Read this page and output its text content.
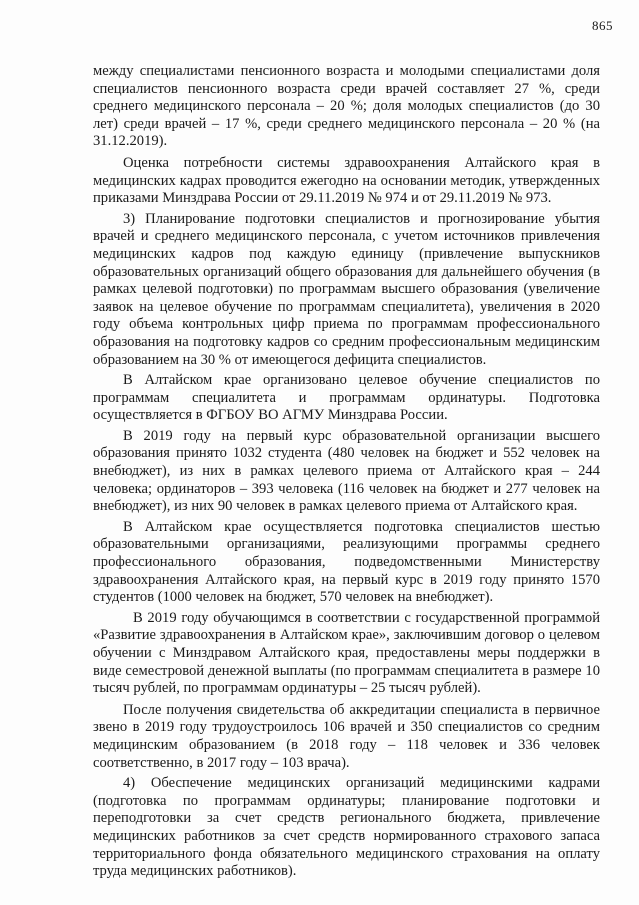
865

между специалистами пенсионного возраста и молодыми специалистами доля специалистов пенсионного возраста среди врачей составляет 27 %, среди среднего медицинского персонала – 20 %; доля молодых специалистов (до 30 лет) среди врачей – 17 %, среди среднего медицинского персонала – 20 % (на 31.12.2019).

Оценка потребности системы здравоохранения Алтайского края в медицинских кадрах проводится ежегодно на основании методик, утвержденных приказами Минздрава России от 29.11.2019 № 974 и от 29.11.2019 № 973.

3) Планирование подготовки специалистов и прогнозирование убытия врачей и среднего медицинского персонала, с учетом источников привлечения медицинских кадров под каждую единицу (привлечение выпускников образовательных организаций общего образования для дальнейшего обучения (в рамках целевой подготовки) по программам высшего образования (увеличение заявок на целевое обучение по программам специалитета), увеличения в 2020 году объема контрольных цифр приема по программам профессионального образования на подготовку кадров со средним профессиональным медицинским образованием на 30 % от имеющегося дефицита специалистов.

В Алтайском крае организовано целевое обучение специалистов по программам специалитета и программам ординатуры. Подготовка осуществляется в ФГБОУ ВО АГМУ Минздрава России.

В 2019 году на первый курс образовательной организации высшего образования принято 1032 студента (480 человек на бюджет и 552 человек на внебюджет), из них в рамках целевого приема от Алтайского края – 244 человека; ординаторов – 393 человека (116 человек на бюджет и 277 человек на внебюджет), из них 90 человек в рамках целевого приема от Алтайского края.

В Алтайском крае осуществляется подготовка специалистов шестью образовательными организациями, реализующими программы среднего профессионального образования, подведомственными Министерству здравоохранения Алтайского края, на первый курс в 2019 году принято 1570 студентов (1000 человек на бюджет, 570 человек на внебюджет).

В 2019 году обучающимся в соответствии с государственной программой «Развитие здравоохранения в Алтайском крае», заключившим договор о целевом обучении с Минздравом Алтайского края, предоставлены меры поддержки в виде семестровой денежной выплаты (по программам специалитета в размере 10 тысяч рублей, по программам ординатуры – 25 тысяч рублей).

После получения свидетельства об аккредитации специалиста в первичное звено в 2019 году трудоустроилось 106 врачей и 350 специалистов со средним медицинским образованием (в 2018 году – 118 человек и 336 человек соответственно, в 2017 году – 103 врача).

4) Обеспечение медицинских организаций медицинскими кадрами (подготовка по программам ординатуры; планирование подготовки и переподготовки за счет средств регионального бюджета, привлечение медицинских работников за счет средств нормированного страхового запаса территориального фонда обязательного медицинского страхования на оплату труда медицинских работников).
